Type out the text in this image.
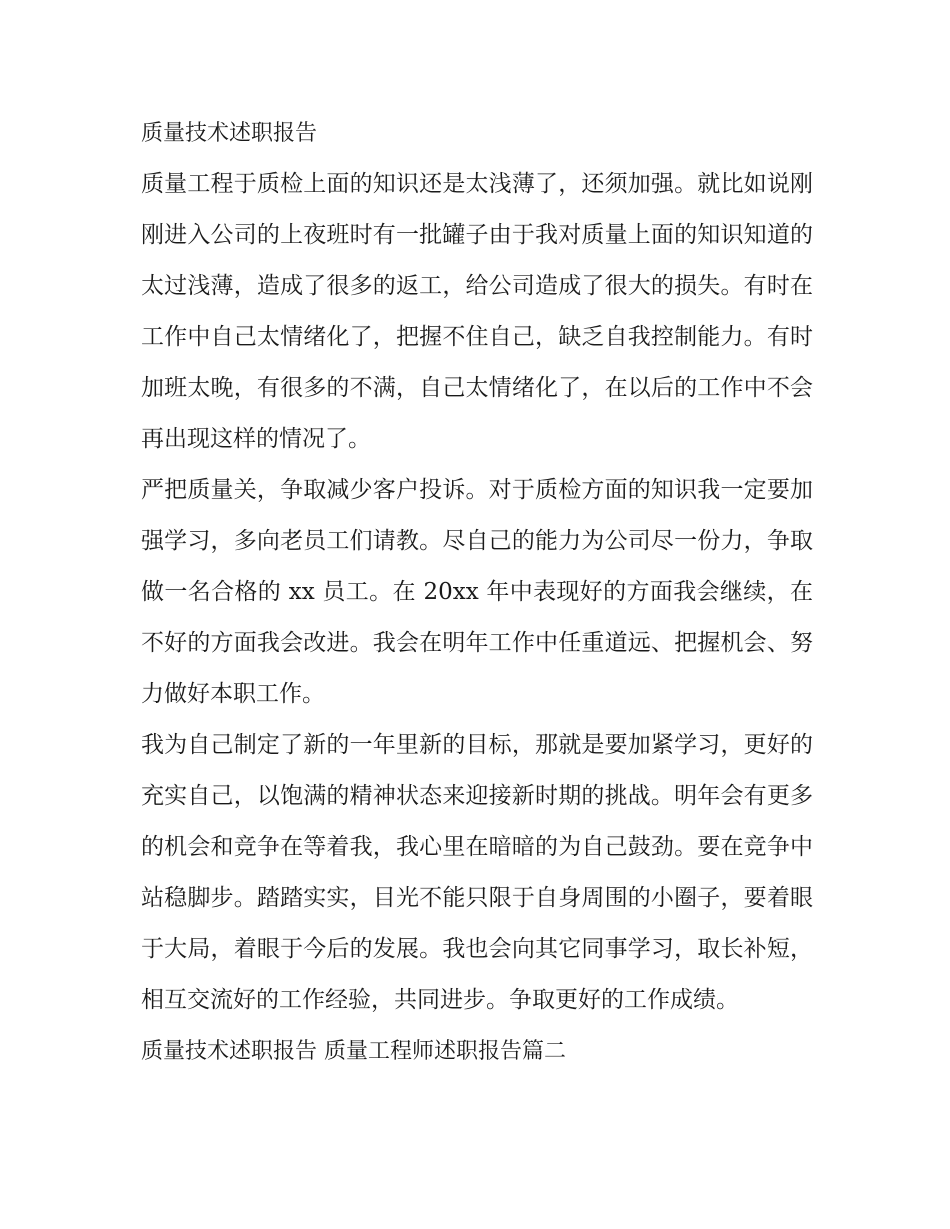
质量技术述职报告

质量工程于质检上面的知识还是太浅薄了，还须加强。就比如说刚刚进入公司的上夜班时有一批罐子由于我对质量上面的知识知道的太过浅薄，造成了很多的返工，给公司造成了很大的损失。有时在工作中自己太情绪化了，把握不住自己，缺乏自我控制能力。有时加班太晚，有很多的不满，自己太情绪化了，在以后的工作中不会再出现这样的情况了。

严把质量关，争取减少客户投诉。对于质检方面的知识我一定要加强学习，多向老员工们请教。尽自己的能力为公司尽一份力，争取做一名合格的 xx 员工。在 20xx 年中表现好的方面我会继续，在不好的方面我会改进。我会在明年工作中任重道远、把握机会、努力做好本职工作。

我为自己制定了新的一年里新的目标，那就是要加紧学习，更好的充实自己，以饱满的精神状态来迎接新时期的挑战。明年会有更多的机会和竞争在等着我，我心里在暗暗的为自己鼓劲。要在竞争中站稳脚步。踏踏实实，目光不能只限于自身周围的小圈子，要着眼于大局，着眼于今后的发展。我也会向其它同事学习，取长补短，相互交流好的工作经验，共同进步。争取更好的工作成绩。

质量技术述职报告 质量工程师述职报告篇二
